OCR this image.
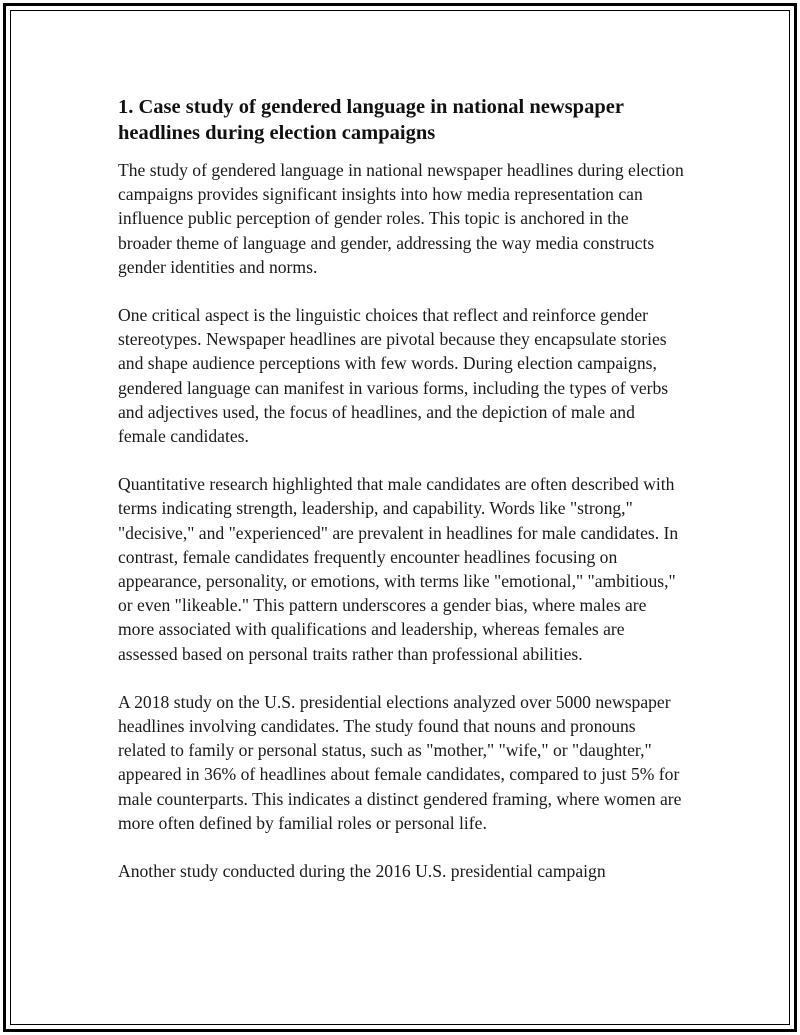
1. Case study of gendered language in national newspaper headlines during election campaigns

The study of gendered language in national newspaper headlines during election campaigns provides significant insights into how media representation can influence public perception of gender roles. This topic is anchored in the broader theme of language and gender, addressing the way media constructs gender identities and norms.

One critical aspect is the linguistic choices that reflect and reinforce gender stereotypes. Newspaper headlines are pivotal because they encapsulate stories and shape audience perceptions with few words. During election campaigns, gendered language can manifest in various forms, including the types of verbs and adjectives used, the focus of headlines, and the depiction of male and female candidates.

Quantitative research highlighted that male candidates are often described with terms indicating strength, leadership, and capability. Words like "strong," "decisive," and "experienced" are prevalent in headlines for male candidates. In contrast, female candidates frequently encounter headlines focusing on appearance, personality, or emotions, with terms like "emotional," "ambitious," or even "likeable." This pattern underscores a gender bias, where males are more associated with qualifications and leadership, whereas females are assessed based on personal traits rather than professional abilities.

A 2018 study on the U.S. presidential elections analyzed over 5000 newspaper headlines involving candidates. The study found that nouns and pronouns related to family or personal status, such as "mother," "wife," or "daughter," appeared in 36% of headlines about female candidates, compared to just 5% for male counterparts. This indicates a distinct gendered framing, where women are more often defined by familial roles or personal life.

Another study conducted during the 2016 U.S. presidential campaign
